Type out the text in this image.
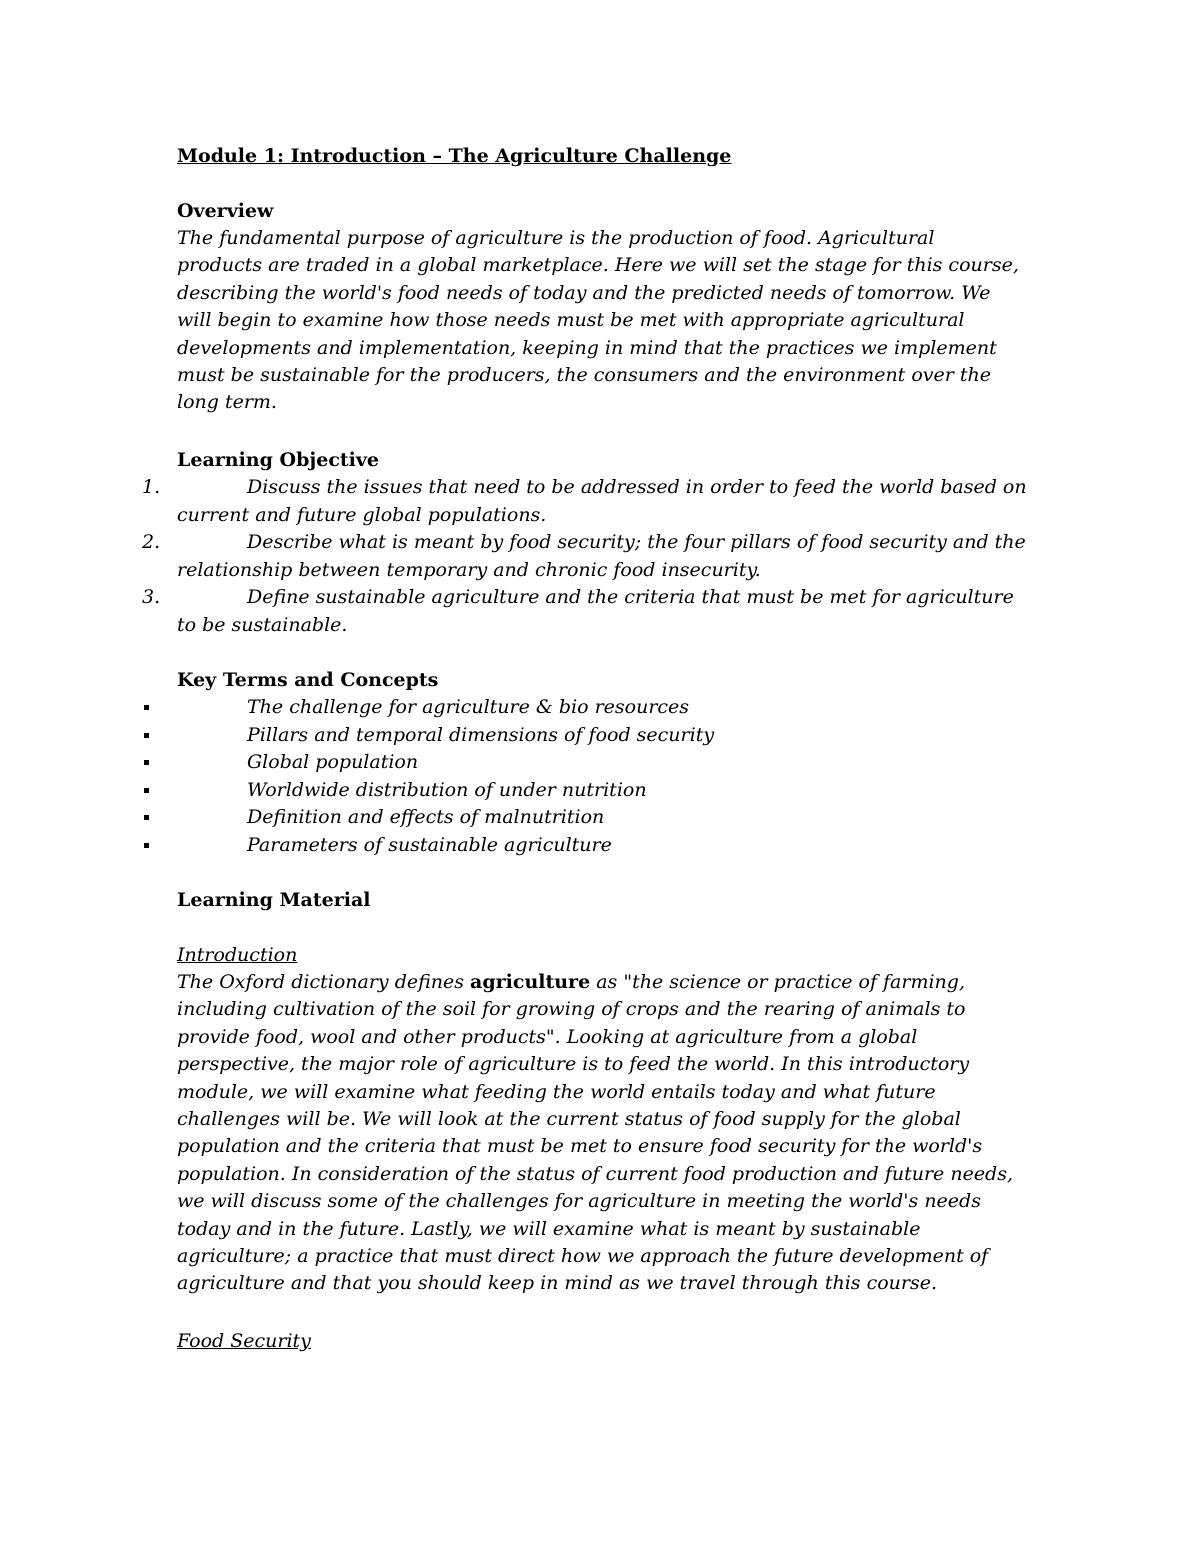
Module 1: Introduction – The Agriculture Challenge
Overview
The fundamental purpose of agriculture is the production of food. Agricultural
products are traded in a global marketplace. Here we will set the stage for this course,
describing the world's food needs of today and the predicted needs of tomorrow. We
will begin to examine how those needs must be met with appropriate agricultural
developments and implementation, keeping in mind that the practices we implement
must be sustainable for the producers, the consumers and the environment over the
long term.
Learning Objective
1.	Discuss the issues that need to be addressed in order to feed the world based on
current and future global populations.
2.	Describe what is meant by food security; the four pillars of food security and the
relationship between temporary and chronic food insecurity.
3.	Define sustainable agriculture and the criteria that must be met for agriculture
to be sustainable.
Key Terms and Concepts
The challenge for agriculture & bio resources
Pillars and temporal dimensions of food security
Global population
Worldwide distribution of under nutrition
Definition and effects of malnutrition
Parameters of sustainable agriculture
Learning Material
Introduction
The Oxford dictionary defines agriculture as "the science or practice of farming,
including cultivation of the soil for growing of crops and the rearing of animals to
provide food, wool and other products". Looking at agriculture from a global
perspective, the major role of agriculture is to feed the world. In this introductory
module, we will examine what feeding the world entails today and what future
challenges will be. We will look at the current status of food supply for the global
population and the criteria that must be met to ensure food security for the world's
population. In consideration of the status of current food production and future needs,
we will discuss some of the challenges for agriculture in meeting the world's needs
today and in the future. Lastly, we will examine what is meant by sustainable
agriculture; a practice that must direct how we approach the future development of
agriculture and that you should keep in mind as we travel through this course.
Food Security
